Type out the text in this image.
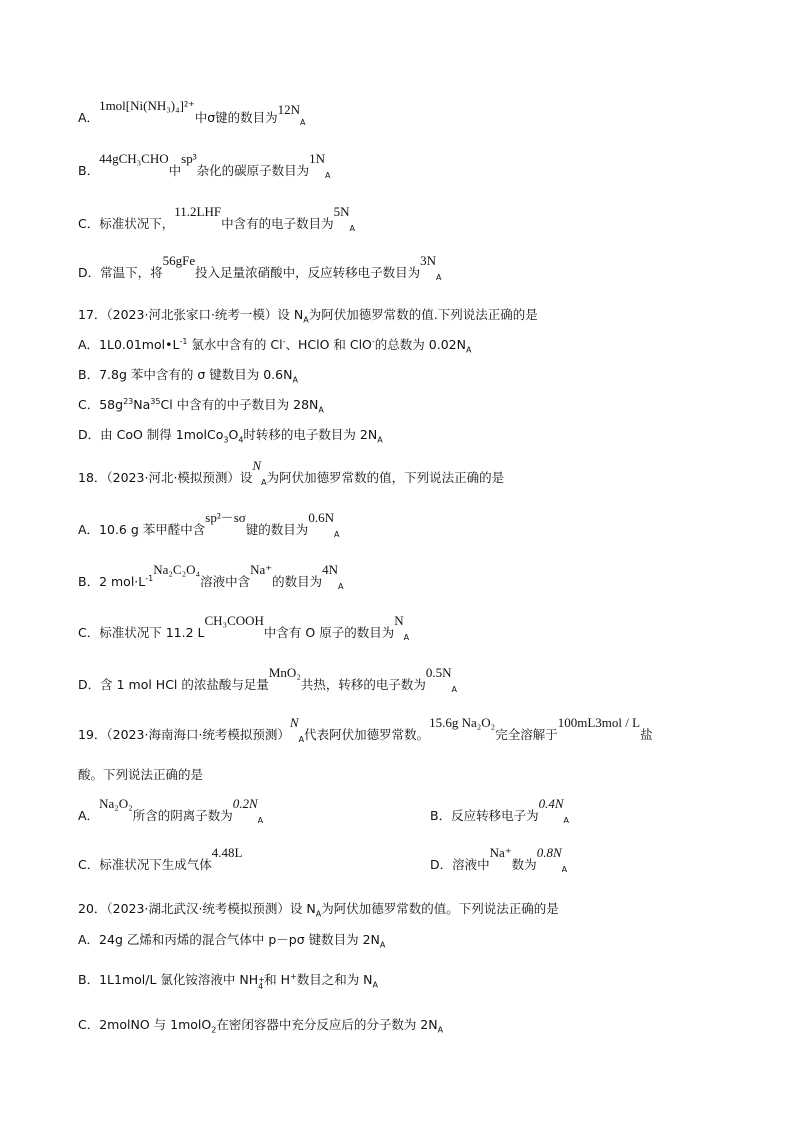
A．1mol[Ni(NH₃)₄]²⁺中σ键的数目为$12N_A$
B．44gCH₃CHO中sp³杂化的碳原子数目为$1N_A$
C．标准状况下，11.2LHF中含有的电子数目为$5N_A$
D．常温下，将56gFe投入足量浓硝酸中，反应转移电子数目为$3N_A$
17．（2023·河北张家口·统考一模）设 $N_A$为阿伏加德罗常数的值.下列说法正确的是
A．$1L0.01mol•L^{-1}$ 氯水中含有的 Cl-、HClO 和 ClO-的总数为 $0.02N_A$
B．7.8g 苯中含有的 σ 键数目为 $0.6N_A$
C．$58g^{23}Na^{35}Cl$ 中含有的中子数目为 $28N_A$
D．由 CoO 制得 $1molCo_3O_4$时转移的电子数目为 $2N_A$
18．（2023·河北·模拟预测）设$N_A$为阿伏加德罗常数的值，下列说法正确的是
A．10.6 g 苯甲醛中含sp²－sσ键的数目为$0.6N_A$
B．2 $mol\cdot L^{-1}Na_2C_2O_4$溶液中含Na⁺的数目为$4N_A$
C．标准状况下 11.2 LCH₃COOH中含有 O 原子的数目为$N_A$
D．含 1 mol HCl 的浓盐酸与足量MnO₂共热，转移的电子数为$0.5N_A$
19．（2023·海南海口·统考模拟预测）$N_A$代表阿伏加德罗常数。15.6g Na₂O₂完全溶解于100mL3mol / L盐
酸。下列说法正确的是
A．Na₂O₂所含的阴离子数为$0.2N_A$	B．反应转移电子为$0.4N_A$
C．标准状况下生成气体4.48L
D．溶液中Na⁺数为$0.8N_A$
20．（2023·湖北武汉·统考模拟预测）设 $N_A$为阿伏加德罗常数的值。下列说法正确的是
A．24g 乙烯和丙烯的混合气体中 p－pσ 键数目为 $2N_A$
B．1L1mol/L 氯化铵溶液中 NH +
4 和 H+数目之和为 $N_A$
C．2molNO 与 1molO$_2$在密闭容器中充分反应后的分子数为 $2N_A$
